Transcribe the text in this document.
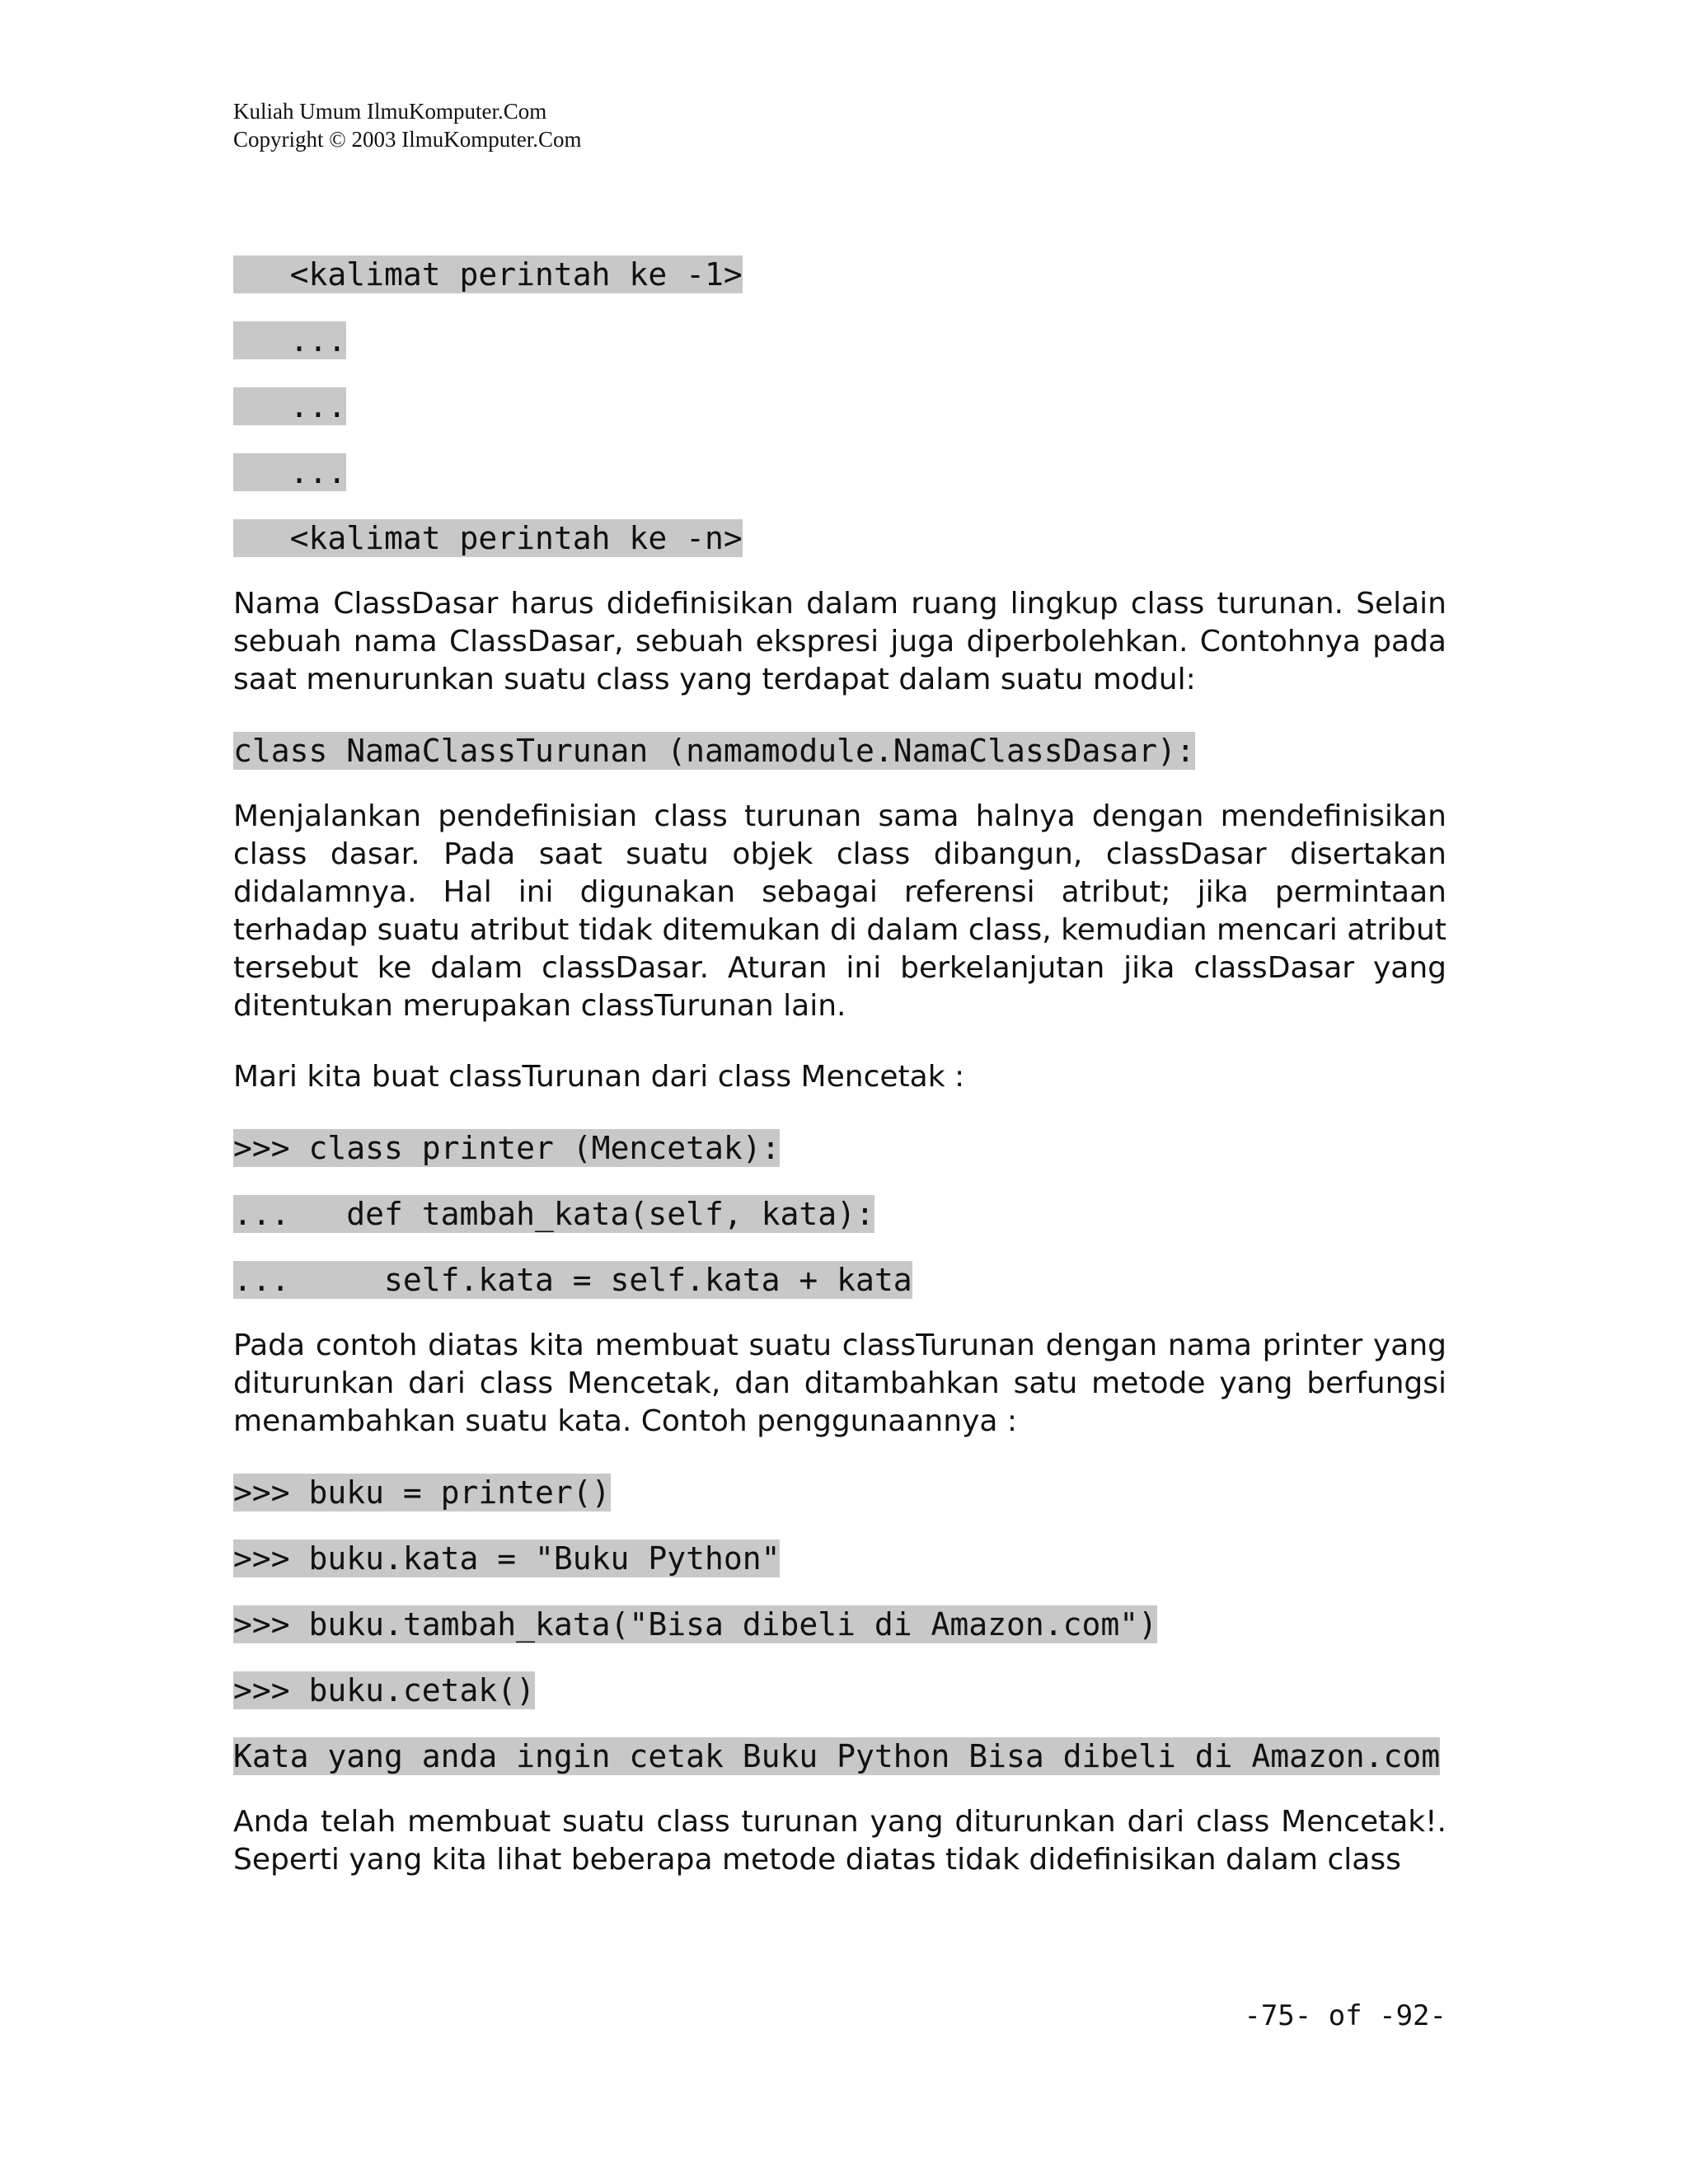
Kuliah Umum IlmuKomputer.Com
Copyright © 2003 IlmuKomputer.Com
<kalimat perintah ke -1>
...
...
...
<kalimat perintah ke -n>

Nama ClassDasar harus didefinisikan dalam ruang lingkup class turunan. Selain sebuah nama ClassDasar, sebuah ekspresi juga diperbolehkan. Contohnya pada saat menurunkan suatu class yang terdapat dalam suatu modul:

class NamaClassTurunan (namamodule.NamaClassDasar):

Menjalankan pendefinisian class turunan sama halnya dengan mendefinisikan class dasar. Pada saat suatu objek class dibangun, classDasar disertakan didalamnya. Hal ini digunakan sebagai referensi atribut; jika permintaan terhadap suatu atribut tidak ditemukan di dalam class, kemudian mencari atribut tersebut ke dalam classDasar. Aturan ini berkelanjutan jika classDasar yang ditentukan merupakan classTurunan lain.

Mari kita buat classTurunan dari class Mencetak :

>>> class printer (Mencetak):
...   def tambah_kata(self, kata):
...     self.kata = self.kata + kata

Pada contoh diatas kita membuat suatu classTurunan dengan nama printer yang diturunkan dari class Mencetak, dan ditambahkan satu metode yang berfungsi menambahkan suatu kata. Contoh penggunaannya :

>>> buku = printer()
>>> buku.kata = "Buku Python"
>>> buku.tambah_kata("Bisa dibeli di Amazon.com")
>>> buku.cetak()
Kata yang anda ingin cetak Buku Python Bisa dibeli di Amazon.com

Anda telah membuat suatu class turunan yang diturunkan dari class Mencetak!. Seperti yang kita lihat beberapa metode diatas tidak didefinisikan dalam class

-75- of -92-
